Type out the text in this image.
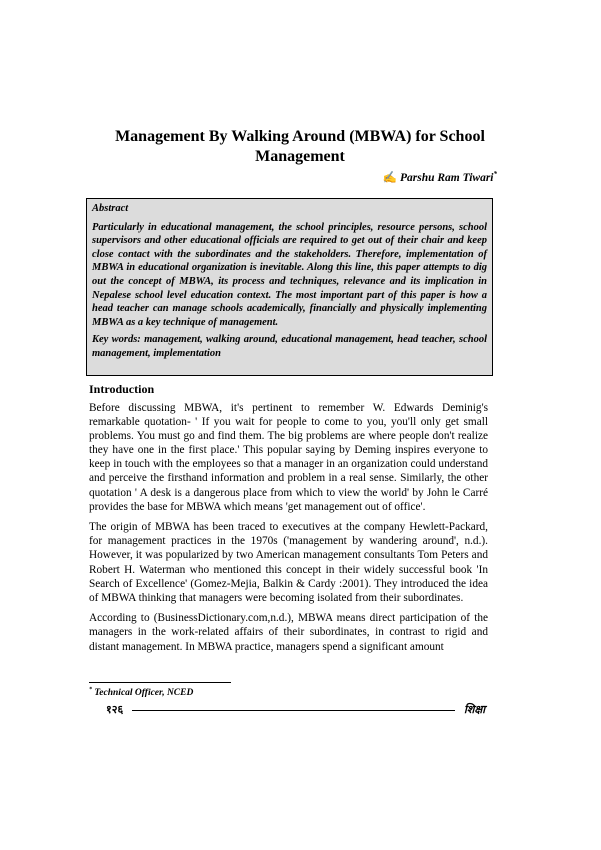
Management By Walking Around (MBWA) for School Management
✍ Parshu Ram Tiwari*
Abstract

Particularly in educational management, the school principles, resource persons, school supervisors and other educational officials are required to get out of their chair and keep close contact with the subordinates and the stakeholders. Therefore, implementation of MBWA in educational organization is inevitable. Along this line, this paper attempts to dig out the concept of MBWA, its process and techniques, relevance and its implication in Nepalese school level education context. The most important part of this paper is how a head teacher can manage schools academically, financially and physically implementing MBWA as a key technique of management.

Key words: management, walking around, educational management, head teacher, school management, implementation

Introduction

Before discussing MBWA, it's pertinent to remember W. Edwards Deminig's remarkable quotation- ' If you wait for people to come to you, you'll only get small problems. You must go and find them. The big problems are where people don't realize they have one in the first place.' This popular saying by Deming inspires everyone to keep in touch with the employees so that a manager in an organization could understand and perceive the firsthand information and problem in a real sense. Similarly, the other quotation ' A desk is a dangerous place from which to view the world' by John le Carré provides the base for MBWA which means 'get management out of office'.

The origin of MBWA has been traced to executives at the company Hewlett-Packard, for management practices in the 1970s ('management by wandering around', n.d.). However, it was popularized by two American management consultants Tom Peters and Robert H. Waterman who mentioned this concept in their widely successful book 'In Search of Excellence' (Gomez-Mejia, Balkin & Cardy :2001). They introduced the idea of MBWA thinking that managers were becoming isolated from their subordinates.

According to (BusinessDictionary.com,n.d.), MBWA means direct participation of the managers in the work-related affairs of their subordinates, in contrast to rigid and distant management. In MBWA practice, managers spend a significant amount

* Technical Officer, NCED
१२६	शिक्षा
